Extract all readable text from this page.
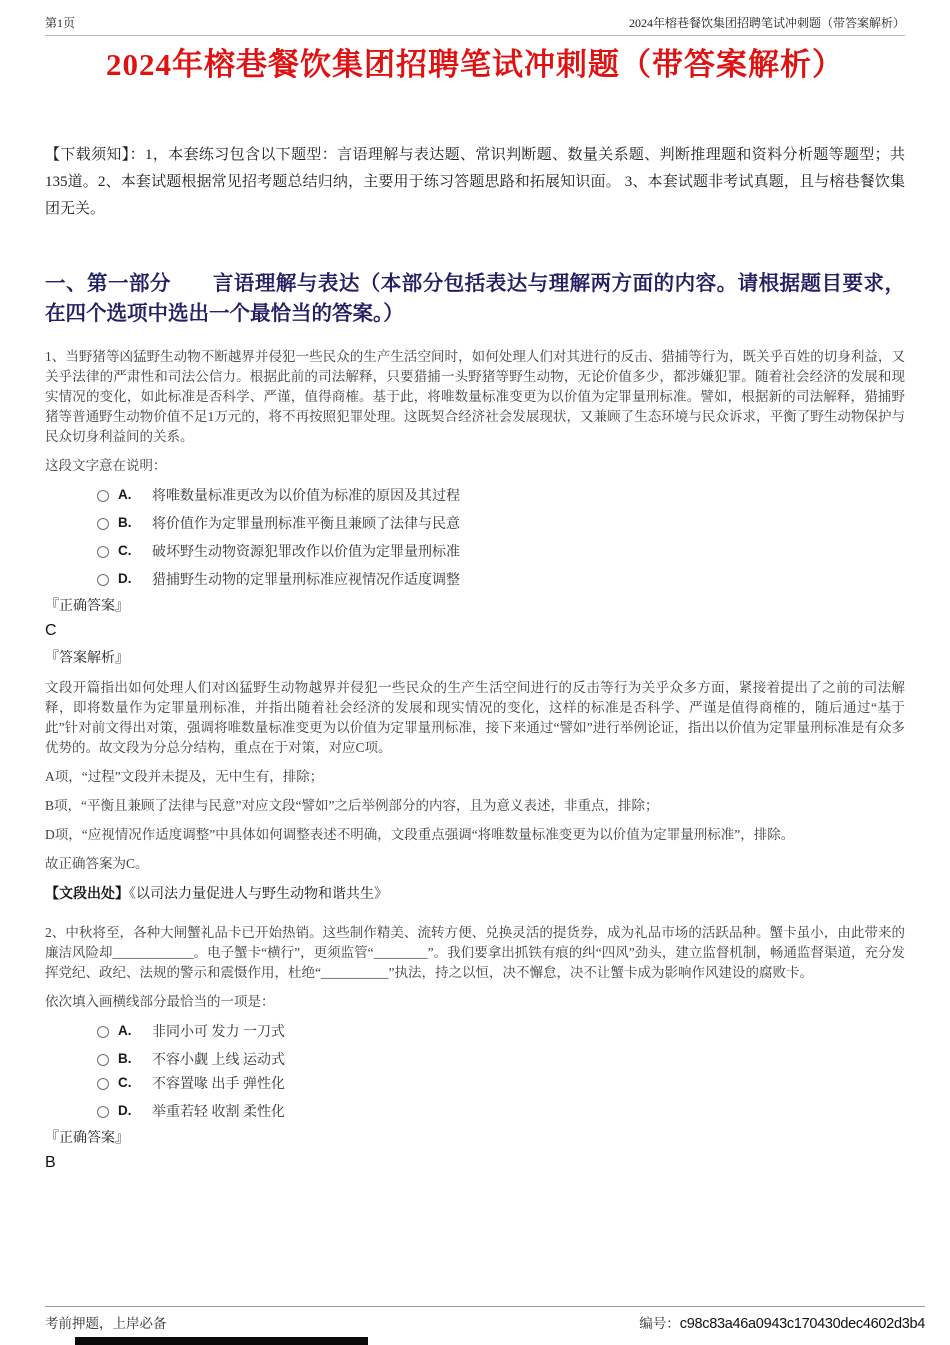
第1页	2024年榕巷餐饮集团招聘笔试冲刺题（带答案解析）
2024年榕巷餐饮集团招聘笔试冲刺题（带答案解析）

【下载须知】：1，本套练习包含以下题型：言语理解与表达题、常识判断题、数量关系题、判断推理题和资料分析题等题型；共135道。2、本套试题根据常见招考题总结归纳，主要用于练习答题思路和拓展知识面。 3、本套试题非考试真题，且与榕巷餐饮集团无关。

一、第一部分　　言语理解与表达（本部分包括表达与理解两方面的内容。请根据题目要求，在四个选项中选出一个最恰当的答案。）

1、当野猪等凶猛野生动物不断越界并侵犯一些民众的生产生活空间时，如何处理人们对其进行的反击、猎捕等行为，既关乎百姓的切身利益，又关乎法律的严肃性和司法公信力。根据此前的司法解释，只要猎捕一头野猪等野生动物，无论价值多少，都涉嫌犯罪。随着社会经济的发展和现实情况的变化，如此标准是否科学、严谨，值得商榷。基于此，将唯数量标准变更为以价值为定罪量刑标准。譬如，根据新的司法解释，猎捕野猪等普通野生动物价值不足1万元的，将不再按照犯罪处理。这既契合经济社会发展现状，又兼顾了生态环境与民众诉求，平衡了野生动物保护与民众切身利益间的关系。

这段文字意在说明：

A.	将唯数量标准更改为以价值为标准的原因及其过程
B.	将价值作为定罪量刑标准平衡且兼顾了法律与民意
C.	破坏野生动物资源犯罪改作以价值为定罪量刑标准
D.	猎捕野生动物的定罪量刑标准应视情况作适度调整

『正确答案』

C

『答案解析』

文段开篇指出如何处理人们对凶猛野生动物越界并侵犯一些民众的生产生活空间进行的反击等行为关乎众多方面，紧接着提出了之前的司法解释，即将数量作为定罪量刑标准，并指出随着社会经济的发展和现实情况的变化，这样的标准是否科学、严谨是值得商榷的，随后通过“基于此”针对前文得出对策，强调将唯数量标准变更为以价值为定罪量刑标准，接下来通过“譬如”进行举例论证，指出以价值为定罪量刑标准是有众多优势的。故文段为分总分结构，重点在于对策，对应C项。

A项，“过程”文段并未提及，无中生有，排除；

B项，“平衡且兼顾了法律与民意”对应文段“譬如”之后举例部分的内容，且为意义表述，非重点，排除；

D项，“应视情况作适度调整”中具体如何调整表述不明确，文段重点强调“将唯数量标准变更为以价值为定罪量刑标准”，排除。

故正确答案为C。

【文段出处】《以司法力量促进人与野生动物和谐共生》

2、中秋将至，各种大闸蟹礼品卡已开始热销。这些制作精美、流转方便、兑换灵活的提货券，成为礼品市场的活跃品种。蟹卡虽小，由此带来的廉洁风险却____________。电子蟹卡“横行”，更须监管“________”。我们要拿出抓铁有痕的纠“四风”劲头，建立监督机制，畅通监督渠道，充分发挥党纪、政纪、法规的警示和震慑作用，杜绝“__________”执法，持之以恒，决不懈怠，决不让蟹卡成为影响作风建设的腐败卡。

依次填入画横线部分最恰当的一项是：

A.	非同小可 发力 一刀式
B.	不容小觑 上线 运动式
C.	不容置喙 出手 弹性化
D.	举重若轻 收割 柔性化

『正确答案』

B

考前押题，上岸必备	编号：c98c83a46a0943c170430dec4602d3b4
